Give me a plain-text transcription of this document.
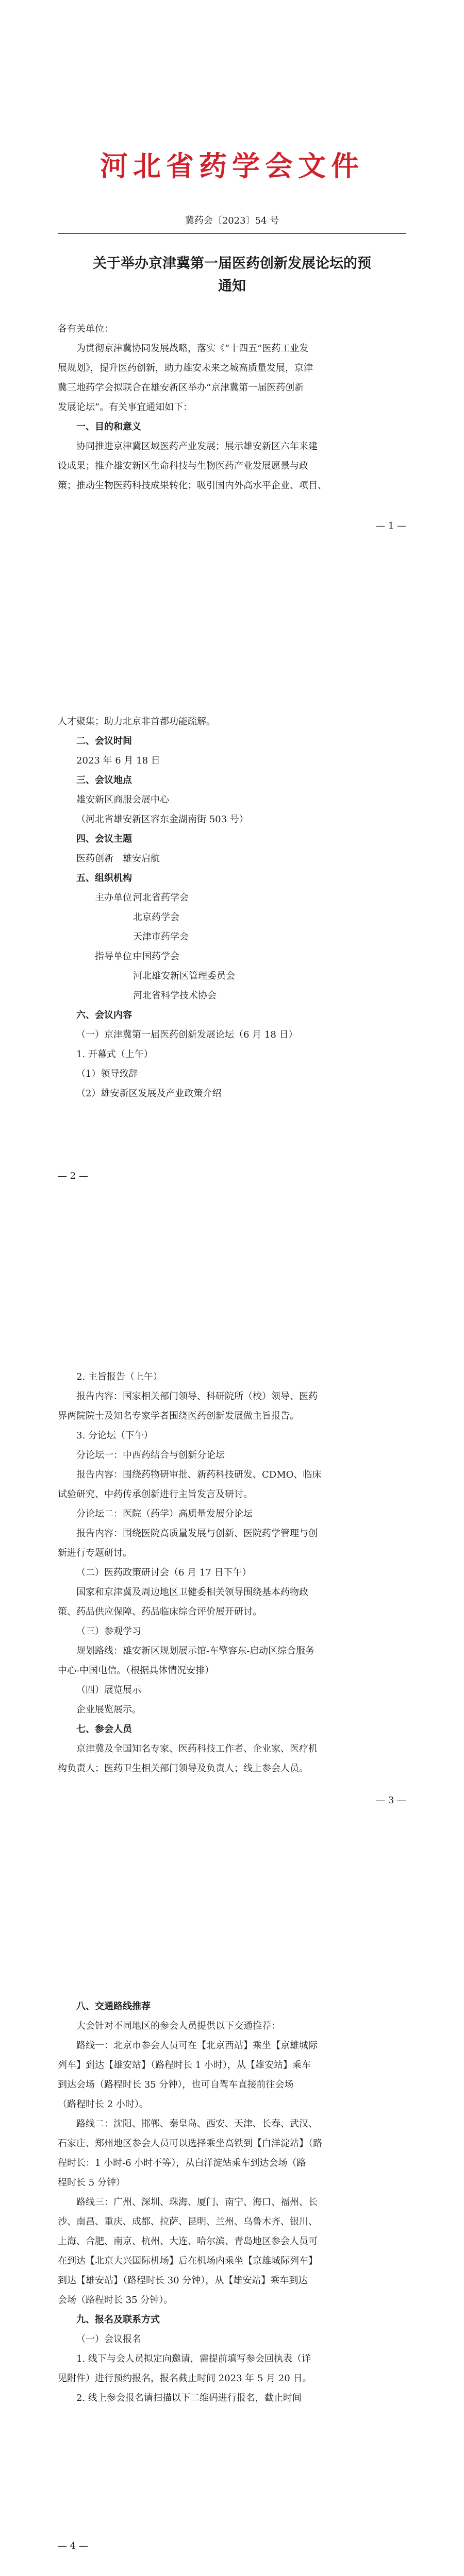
河北省药学会文件
冀药会〔2023〕54 号
关于举办京津冀第一届医药创新发展论坛的预
通知
各有关单位：
为贯彻京津冀协同发展战略，落实《“十四五”医药工业发
展规划》，提升医药创新，助力雄安未来之城高质量发展，京津
冀三地药学会拟联合在雄安新区举办“京津冀第一届医药创新
发展论坛”。有关事宜通知如下：
一、目的和意义
协同推进京津冀区域医药产业发展；展示雄安新区六年来建
设成果；推介雄安新区生命科技与生物医药产业发展愿景与政
策；推动生物医药科技成果转化；吸引国内外高水平企业、项目、
— 1 —
人才聚集；助力北京非首都功能疏解。
二、会议时间
2023 年 6 月 18 日
三、会议地点
雄安新区商服会展中心
（河北省雄安新区容东金湖南街 503 号）
四、会议主题
医药创新　雄安启航
五、组织机构
主办单位：河北省药学会
北京药学会
天津市药学会
指导单位：中国药学会
河北雄安新区管理委员会
河北省科学技术协会
六、会议内容
（一）京津冀第一届医药创新发展论坛（6 月 18 日）
1. 开幕式（上午）
（1）领导致辞
（2）雄安新区发展及产业政策介绍
— 2 —
2. 主旨报告（上午）
报告内容：国家相关部门领导、科研院所（校）领导、医药
界两院院士及知名专家学者围绕医药创新发展做主旨报告。
3. 分论坛（下午）
分论坛一：中西药结合与创新分论坛
报告内容：围绕药物研审批、新药科技研发、CDMO、临床
试验研究、中药传承创新进行主旨发言及研讨。
分论坛二：医院（药学）高质量发展分论坛
报告内容：围绕医院高质量发展与创新、医院药学管理与创
新进行专题研讨。
（二）医药政策研讨会（6 月 17 日下午）
国家和京津冀及周边地区卫健委相关领导围绕基本药物政
策、药品供应保障、药品临床综合评价展开研讨。
（三）参观学习
规划路线：雄安新区规划展示馆-车擎容东-启动区综合服务
中心-中国电信。（根据具体情况安排）
（四）展览展示
企业展览展示。
七、参会人员
京津冀及全国知名专家、医药科技工作者、企业家、医疗机
构负责人；医药卫生相关部门领导及负责人；线上参会人员。
— 3 —
八、交通路线推荐
大会针对不同地区的参会人员提供以下交通推荐：
路线一：北京市参会人员可在【北京西站】乘坐【京雄城际
列车】到达【雄安站】（路程时长 1 小时），从【雄安站】乘车
到达会场（路程时长 35 分钟），也可自驾车直接前往会场
（路程时长 2 小时）。
路线二：沈阳、邯郸、秦皇岛、西安、天津、长春、武汉、
石家庄、郑州地区参会人员可以选择乘坐高铁到【白洋淀站】（路
程时长：1 小时-6 小时不等），从白洋淀站乘车到达会场（路
程时长 5 分钟）
路线三：广州、深圳、珠海、厦门、南宁、海口、福州、长
沙、南昌、重庆、成都、拉萨、昆明、兰州、乌鲁木齐、银川、
上海、合肥、南京、杭州、大连、哈尔滨、青岛地区参会人员可
在到达【北京大兴国际机场】后在机场内乘坐【京雄城际列车】
到达【雄安站】（路程时长 30 分钟），从【雄安站】乘车到达
会场（路程时长 35 分钟）。
九、报名及联系方式
（一）会议报名
1. 线下与会人员拟定向邀请，需提前填写参会回执表（详
见附件）进行预约报名，报名截止时间 2023 年 5 月 20 日。
2. 线上参会报名请扫描以下二维码进行报名，截止时间
— 4 —
